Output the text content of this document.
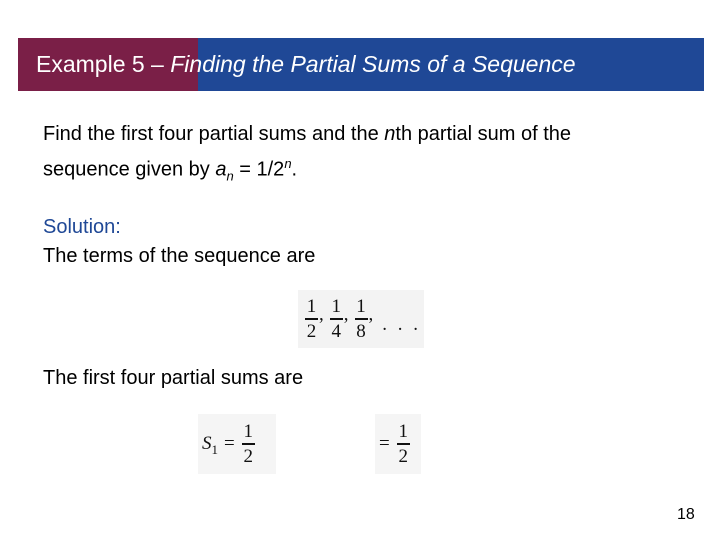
Example 5 – Finding the Partial Sums of a Sequence
Find the first four partial sums and the nth partial sum of the
sequence given by $a_n = 1/2^n$.
Solution:
The terms of the sequence are
$\frac{1}{2}$ , $\frac{1}{4}$ , $\frac{1}{8}$ , . . .
The first four partial sums are
S $1 = \frac{1}{2}$	= $\frac{1}{2}$
18
